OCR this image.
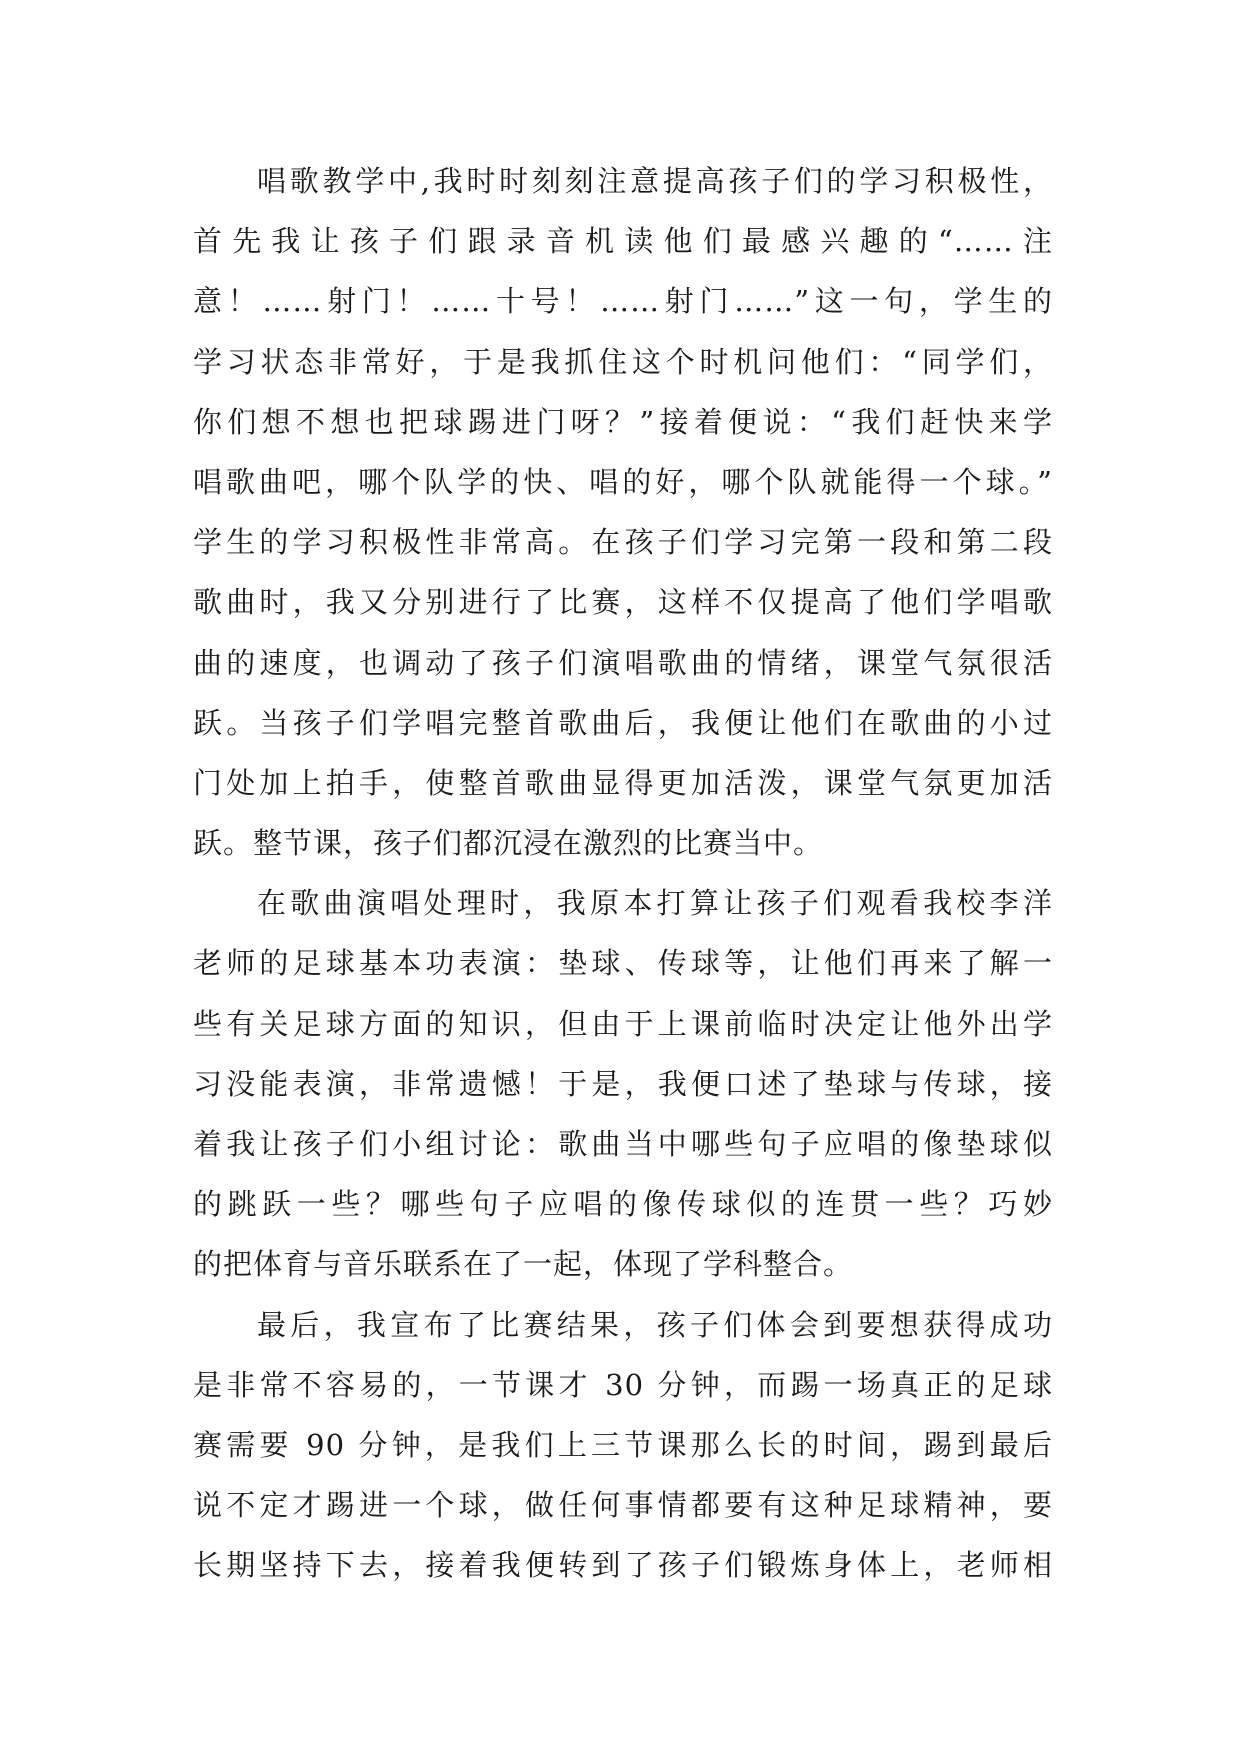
唱歌教学中,我时时刻刻注意提高孩子们的学习积极性，
首先我让孩子们跟录音机读他们最感兴趣的“……注
意！……射门！……十号！……射门……”这一句，学生的
学习状态非常好，于是我抓住这个时机问他们：“同学们，
你们想不想也把球踢进门呀？”接着便说：“我们赶快来学
唱歌曲吧，哪个队学的快、唱的好，哪个队就能得一个球。”
学生的学习积极性非常高。在孩子们学习完第一段和第二段
歌曲时，我又分别进行了比赛，这样不仅提高了他们学唱歌
曲的速度，也调动了孩子们演唱歌曲的情绪，课堂气氛很活
跃。当孩子们学唱完整首歌曲后，我便让他们在歌曲的小过
门处加上拍手，使整首歌曲显得更加活泼，课堂气氛更加活
跃。整节课，孩子们都沉浸在激烈的比赛当中。
在歌曲演唱处理时，我原本打算让孩子们观看我校李洋
老师的足球基本功表演：垫球、传球等，让他们再来了解一
些有关足球方面的知识，但由于上课前临时决定让他外出学
习没能表演，非常遗憾！于是，我便口述了垫球与传球，接
着我让孩子们小组讨论：歌曲当中哪些句子应唱的像垫球似
的跳跃一些？哪些句子应唱的像传球似的连贯一些？巧妙
的把体育与音乐联系在了一起，体现了学科整合。
最后，我宣布了比赛结果，孩子们体会到要想获得成功
是非常不容易的，一节课才 30 分钟，而踢一场真正的足球
赛需要 90 分钟，是我们上三节课那么长的时间，踢到最后
说不定才踢进一个球，做任何事情都要有这种足球精神，要
长期坚持下去，接着我便转到了孩子们锻炼身体上，老师相
